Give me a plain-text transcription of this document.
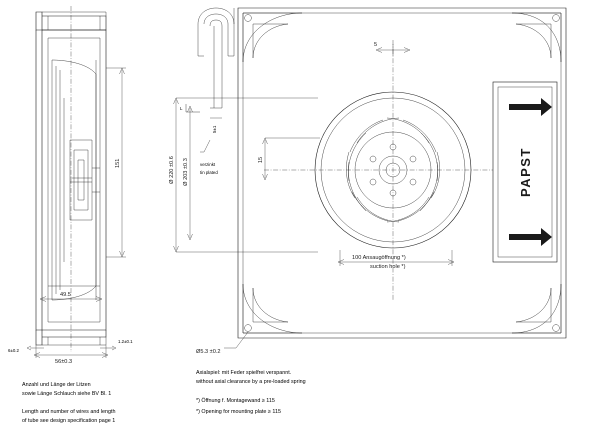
151
49.5
56±0.3
6±0.2
1.2±0.1
PAPST
L
5±1
verzinkt
tin plated
Ø 220 ±0.6 Ø 203 ±0.3
5
15
100 Ansaugöffnung *)
suction hole *)
Ø5.3 ±0.2
Anzahl und Länge der Litzen
sowie Länge Schlauch siehe BV Bl. 1
Length and number of wires and length
of tube see design specification page 1
Axialspiel: mit Feder spielfrei verspannt.
without axial clearance by a pre-loaded spring
*) Öffnung f. Montagewand ≥ 115
*) Opening for mounting plate ≥ 115
